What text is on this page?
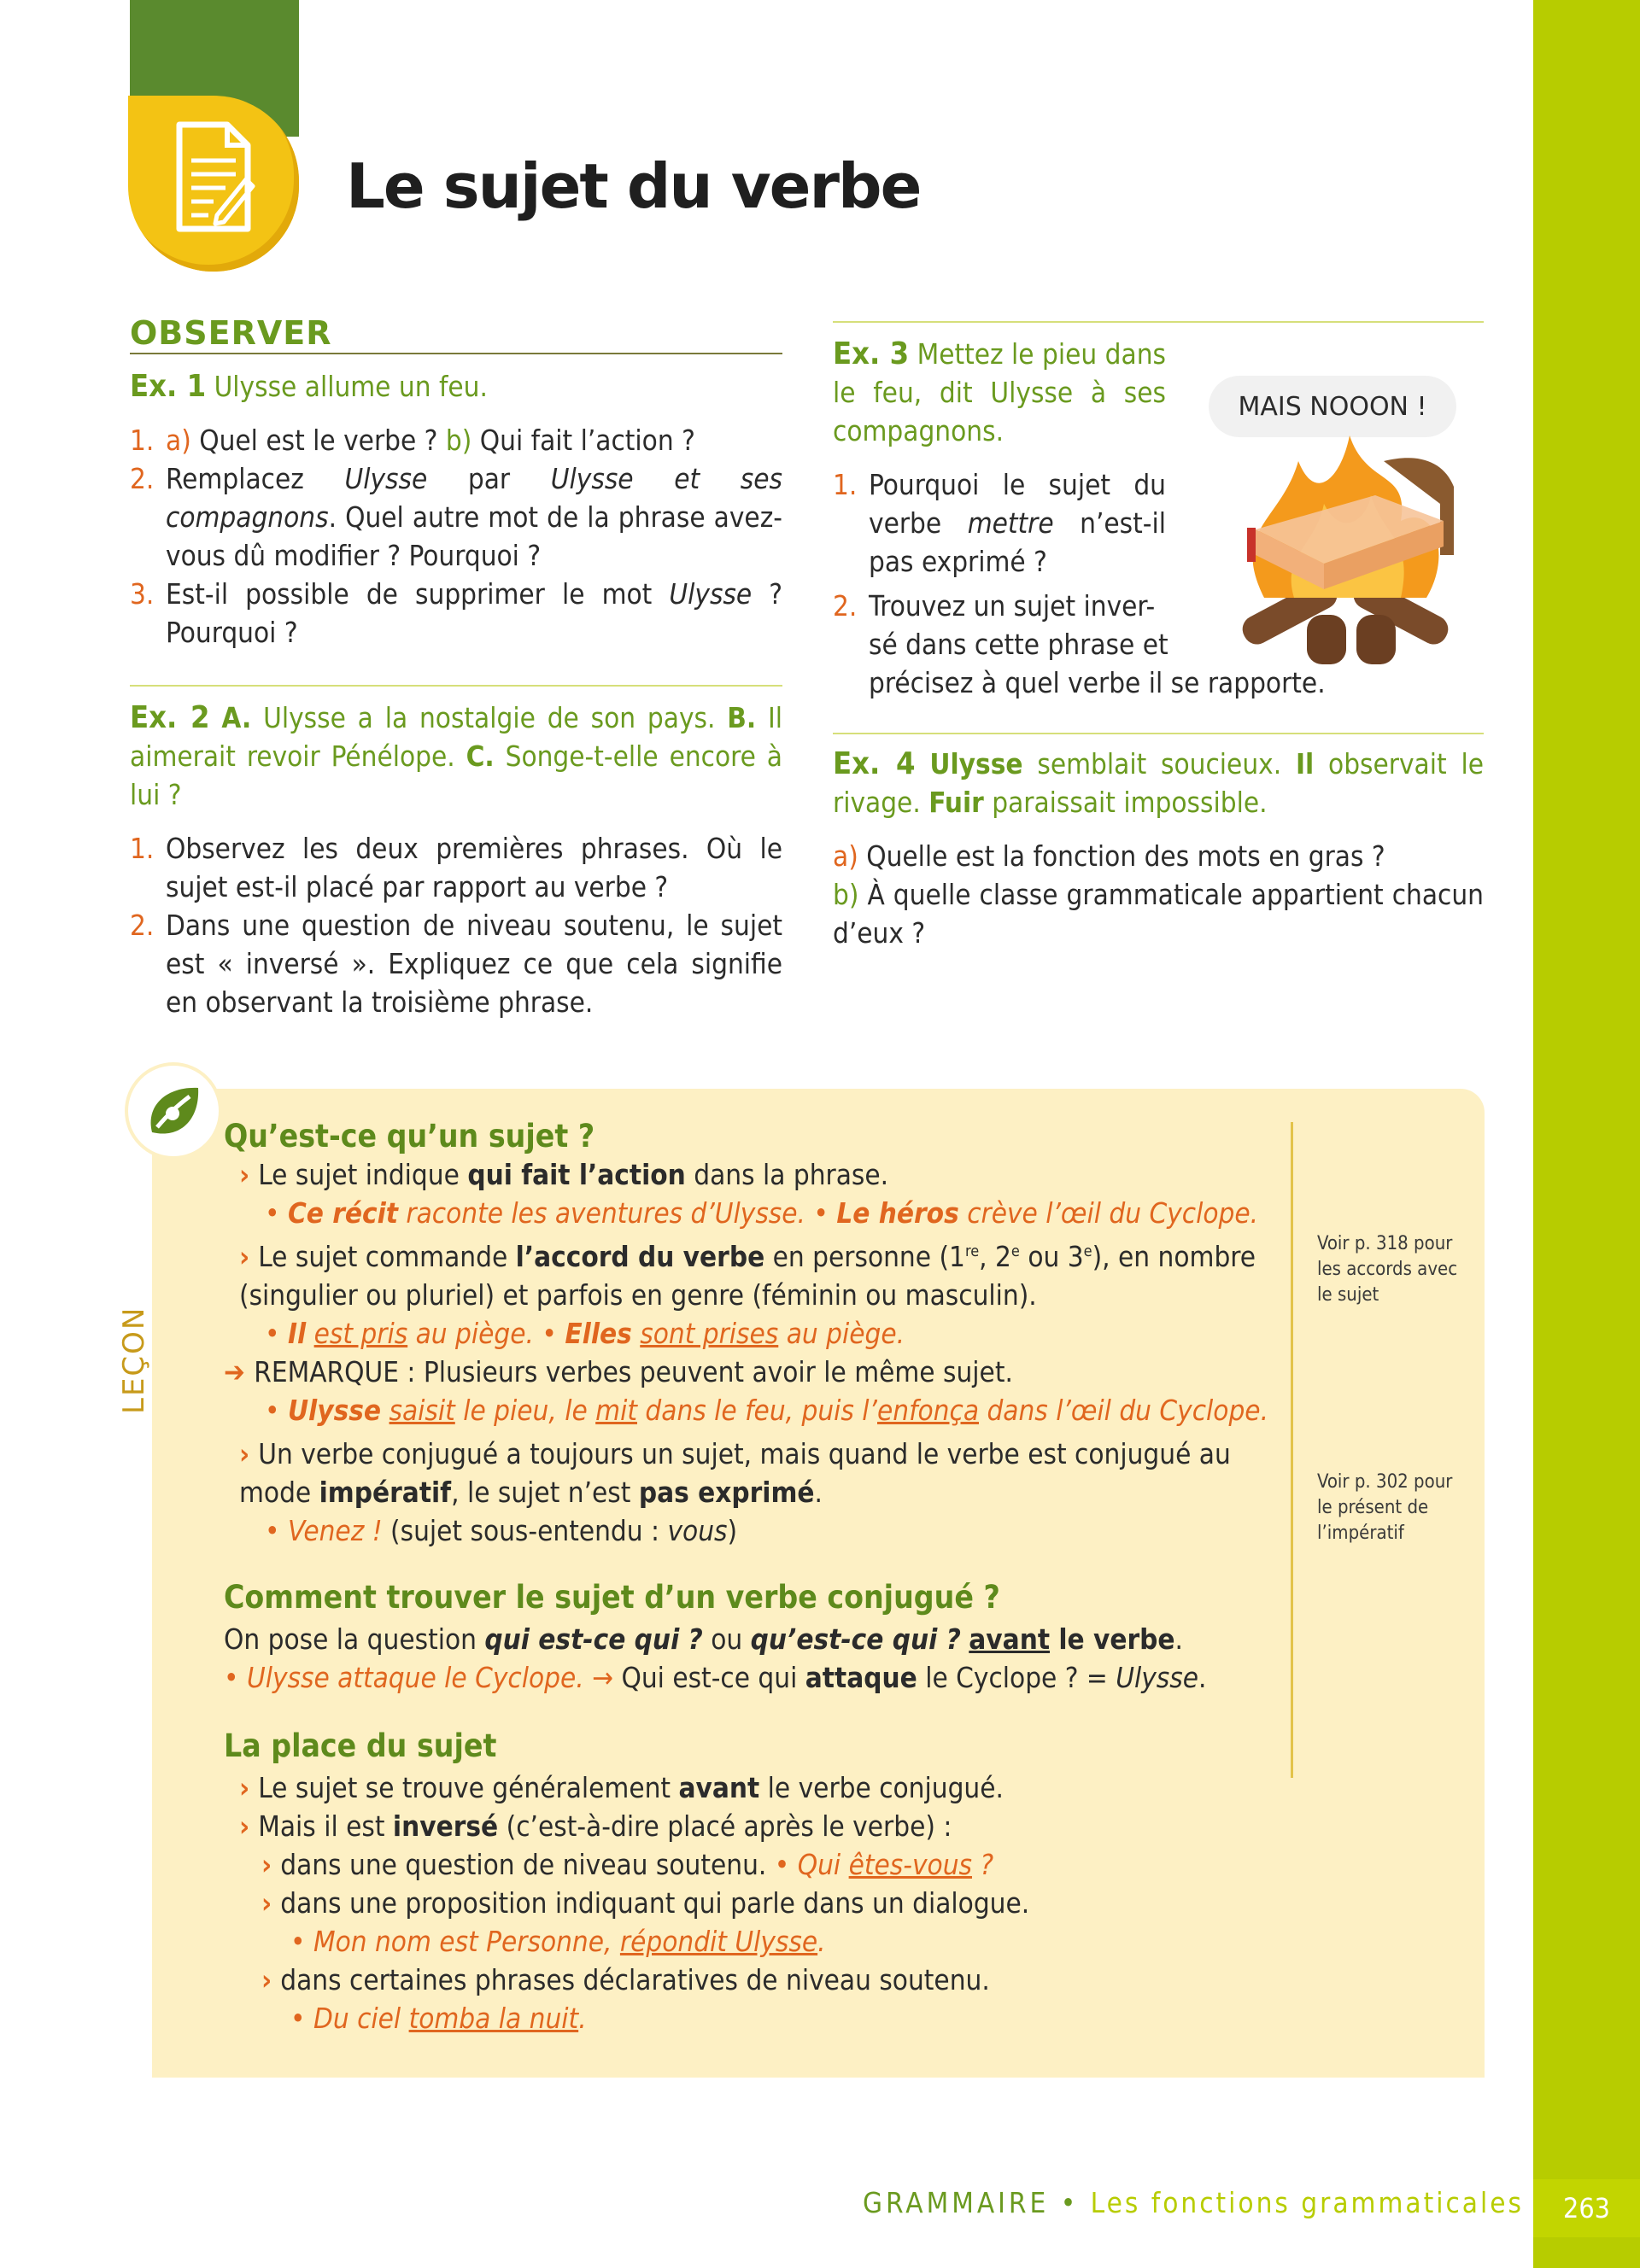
Le sujet du verbe
OBSERVER
Ex. 1 Ulysse allume un feu.
1. a) Quel est le verbe ? b) Qui fait l’action ?
2. Remplacez Ulysse par Ulysse et ses compagnons. Quel autre mot de la phrase avez-vous dû modifier ? Pourquoi ?
3. Est-il possible de supprimer le mot Ulysse ? Pourquoi ?
Ex. 2 A. Ulysse a la nostalgie de son pays. B. Il aimerait revoir Pénélope. C. Songe-t-elle encore à lui ?
1. Observez les deux premières phrases. Où le sujet est-il placé par rapport au verbe ?
2. Dans une question de niveau soutenu, le sujet est « inversé ». Expliquez ce que cela signifie en observant la troisième phrase.
Ex. 3 Mettez le pieu dans le feu, dit Ulysse à ses compagnons.
1. Pourquoi le sujet du verbe mettre n’est-il pas exprimé ?
2. Trouvez un sujet inver-
sé dans cette phrase et
précisez à quel verbe il se rapporte.
MAIS NOOON !
Ex. 4 Ulysse semblait soucieux. Il observait le rivage. Fuir paraissait impossible.
a) Quelle est la fonction des mots en gras ?
b) À quelle classe grammaticale appartient chacun d’eux ?
LEÇON
Qu’est-ce qu’un sujet ?
› Le sujet indique qui fait l’action dans la phrase.
• Ce récit raconte les aventures d’Ulysse. • Le héros crève l’œil du Cyclope.
› Le sujet commande l’accord du verbe en personne (1re, 2e ou 3e), en nombre (singulier ou pluriel) et parfois en genre (féminin ou masculin).
• Il est pris au piège. • Elles sont prises au piège.
➔ REMARQUE : Plusieurs verbes peuvent avoir le même sujet.
• Ulysse saisit le pieu, le mit dans le feu, puis l’enfonça dans l’œil du Cyclope.
› Un verbe conjugué a toujours un sujet, mais quand le verbe est conjugué au mode impératif, le sujet n’est pas exprimé.
• Venez ! (sujet sous-entendu : vous)
Voir p. 318 pour les accords avec le sujet
Voir p. 302 pour le présent de l’impératif
Comment trouver le sujet d’un verbe conjugué ?
On pose la question qui est-ce qui ? ou qu’est-ce qui ? avant le verbe.
• Ulysse attaque le Cyclope. → Qui est-ce qui attaque le Cyclope ? = Ulysse.
La place du sujet
› Le sujet se trouve généralement avant le verbe conjugué.
› Mais il est inversé (c’est-à-dire placé après le verbe) :
› dans une question de niveau soutenu. • Qui êtes-vous ?
› dans une proposition indiquant qui parle dans un dialogue.
• Mon nom est Personne, répondit Ulysse.
› dans certaines phrases déclaratives de niveau soutenu.
• Du ciel tomba la nuit.
GRAMMAIRE • Les fonctions grammaticales	263
